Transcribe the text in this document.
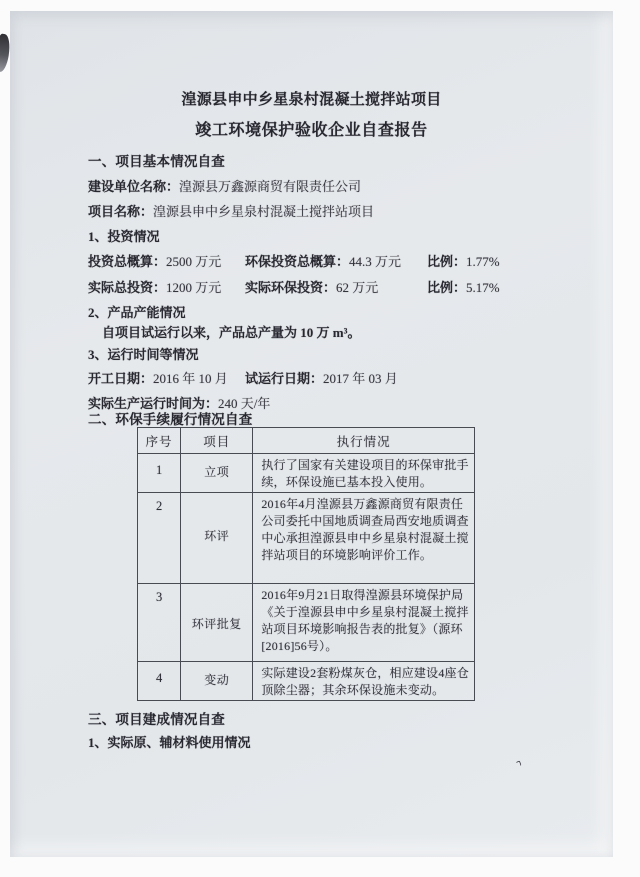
湟源县申中乡星泉村混凝土搅拌站项目
竣工环境保护验收企业自查报告
一、项目基本情况自查
建设单位名称：湟源县万鑫源商贸有限责任公司
项目名称：湟源县申中乡星泉村混凝土搅拌站项目
1、投资情况
投资总概算：2500 万元	环保投资总概算：44.3 万元	比例：1.77%
实际总投资：1200 万元	实际环保投资：62 万元	比例：5.17%
2、产品产能情况
自项目试运行以来，产品总产量为 10 万 m³。
3、运行时间等情况
开工日期：2016 年 10 月	试运行日期：2017 年 03 月
实际生产运行时间为：240 天/年
二、环保手续履行情况自查
序号	项目	执行情况
1	立项	执行了国家有关建设项目的环保审批手续，环保设施已基本投入使用。
2	环评	2016年4月湟源县万鑫源商贸有限责任公司委托中国地质调查局西安地质调查中心承担湟源县申中乡星泉村混凝土搅拌站项目的环境影响评价工作。
3	环评批复	2016年9月21日取得湟源县环境保护局《关于湟源县申中乡星泉村混凝土搅拌站项目环境影响报告表的批复》（源环[2016]56号）。
4	变动	实际建设2套粉煤灰仓，相应建设4座仓顶除尘器；其余环保设施未变动。
三、项目建成情况自查
1、实际原、辅材料使用情况
